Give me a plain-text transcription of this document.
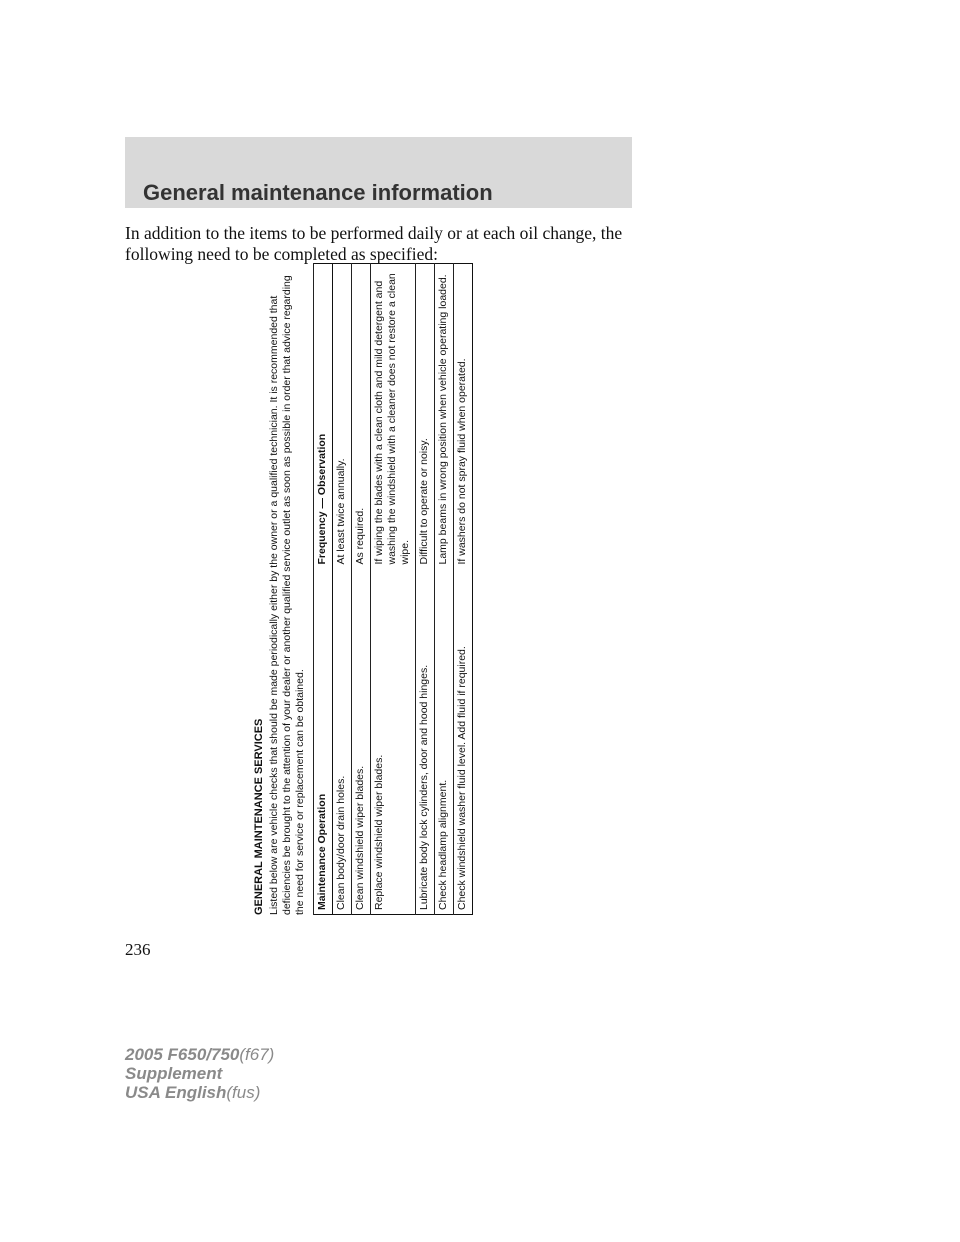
General maintenance information
In addition to the items to be performed daily or at each oil change, the following need to be completed as specified:

GENERAL MAINTENANCE SERVICES Listed below are vehicle checks that should be made periodically either by the owner or a qualified technician. It is recommended that deficiencies be brought to the attention of your dealer or another qualified service outlet as soon as possible in order that advice regarding the need for service or replacement can be obtained. Maintenance Operation	Frequency — Observation
Clean body/door drain holes.	At least twice annually.
Clean windshield wiper blades.	As required.
Replace windshield wiper blades.	If wiping the blades with a clean cloth and mild detergent and washing the windshield with a cleaner does not restore a clean wipe.
Lubricate body lock cylinders, door and hood hinges.	Difficult to operate or noisy.
Check headlamp alignment.	Lamp beams in wrong position when vehicle operating loaded.
Check windshield washer fluid level. Add fluid if required.	If washers do not spray fluid when operated.
236
2005 F650/750(f67)
Supplement
USA English(fus)
